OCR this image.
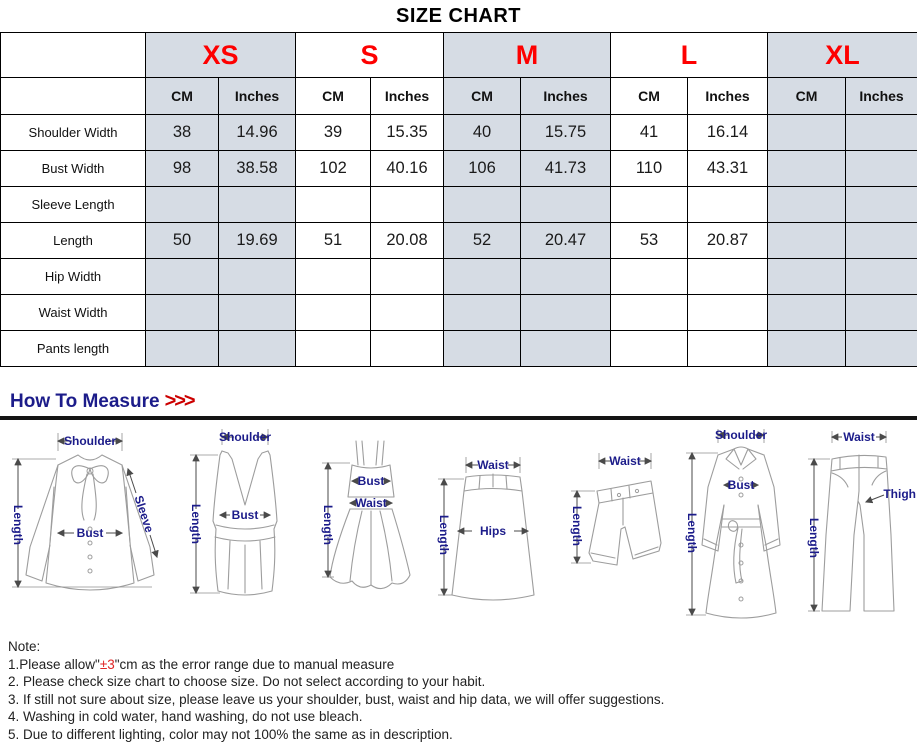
SIZE CHART
	XS		S		M		L		XL	
	CM	Inches	CM	Inches	CM	Inches	CM	Inches	CM	Inches
Shoulder Width	38	14.96	39	15.35	40	15.75	41	16.14		
Bust Width	98	38.58	102	40.16	106	41.73	110	43.31		
Sleeve Length										
Length	50	19.69	51	20.08	52	20.47	53	20.87		
Hip Width										
Waist Width										
Pants length										
How To Measure >>>
Shoulder
Length	Bust Sleeve
Shoulder
Bust
Length
Bust
Waist
Length
Waist
Hips
Length
Waist
Length
Shoulder
Bust
Length
Waist
Thigh
Length
Note:
1.Please allow"±3"cm as the error range due to manual measure
2. Please check size chart to choose size. Do not select according to your habit.
3. If still not sure about size, please leave us your shoulder, bust, waist and hip data, we will offer suggestions.
4. Washing in cold water, hand washing, do not use bleach.
5. Due to different lighting, color may not 100% the same as in description.
